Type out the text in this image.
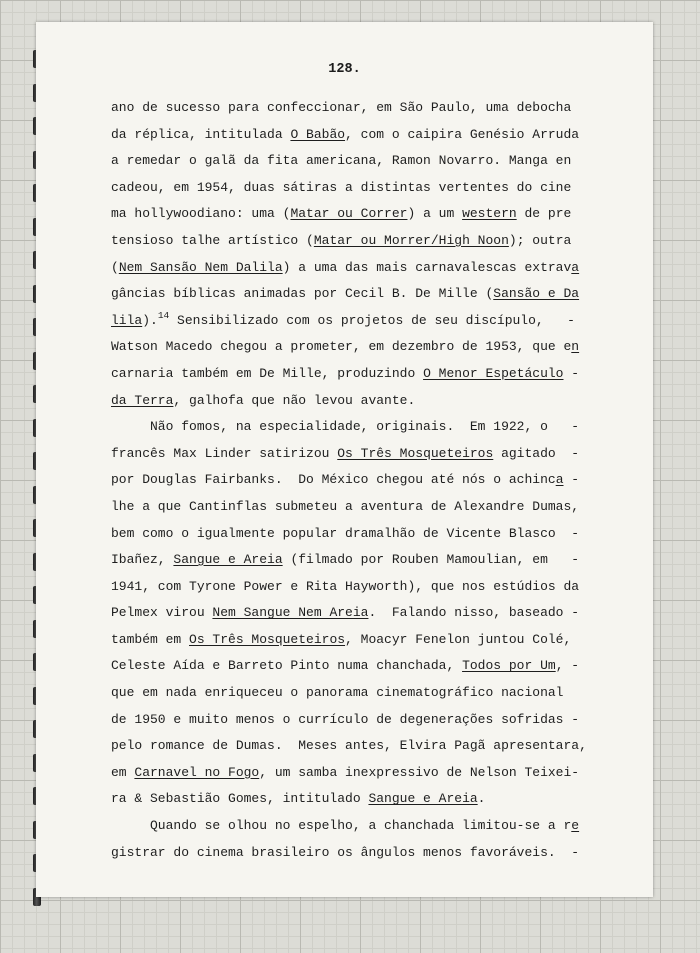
128.
ano de sucesso para confeccionar, em São Paulo, uma debocha
da réplica, intitulada O Babão, com o caipira Genésio Arruda
a remedar o galã da fita americana, Ramon Novarro. Manga en
cadeou, em 1954, duas sátiras a distintas vertentes do cine
ma hollywoodiano: uma (Matar ou Correr) a um western de pre
tensioso talhe artístico (Matar ou Morrer/High Noon); outra
(Nem Sansão Nem Dalila) a uma das mais carnavalescas extrava
gâncias bíblicas animadas por Cecil B. De Mille (Sansão e Da
lila).$^{14}$ Sensibilizado com os projetos de seu discípulo,   -
Watson Macedo chegou a prometer, em dezembro de 1953, que en
carnaria também em De Mille, produzindo O Menor Espetáculo -
da Terra, galhofa que não levou avante.
Não fomos, na especialidade, originais.  Em 1922, o   -
francês Max Linder satirizou Os Três Mosqueteiros agitado  -
por Douglas Fairbanks.  Do México chegou até nós o achinca -
lhe a que Cantinflas submeteu a aventura de Alexandre Dumas,
bem como o igualmente popular dramalhão de Vicente Blasco  -
Ibañez, Sangue e Areia (filmado por Rouben Mamoulian, em   -
1941, com Tyrone Power e Rita Hayworth), que nos estúdios da
Pelmex virou Nem Sangue Nem Areia.  Falando nisso, baseado -
também em Os Três Mosqueteiros, Moacyr Fenelon juntou Colé,
Celeste Aída e Barreto Pinto numa chanchada, Todos por Um, -
que em nada enriqueceu o panorama cinematográfico nacional
de 1950 e muito menos o currículo de degenerações sofridas -
pelo romance de Dumas.  Meses antes, Elvira Pagã apresentara,
em Carnavel no Fogo, um samba inexpressivo de Nelson Teixei-
ra & Sebastião Gomes, intitulado Sangue e Areia.
Quando se olhou no espelho, a chanchada limitou-se a re
gistrar do cinema brasileiro os ângulos menos favoráveis.  -
